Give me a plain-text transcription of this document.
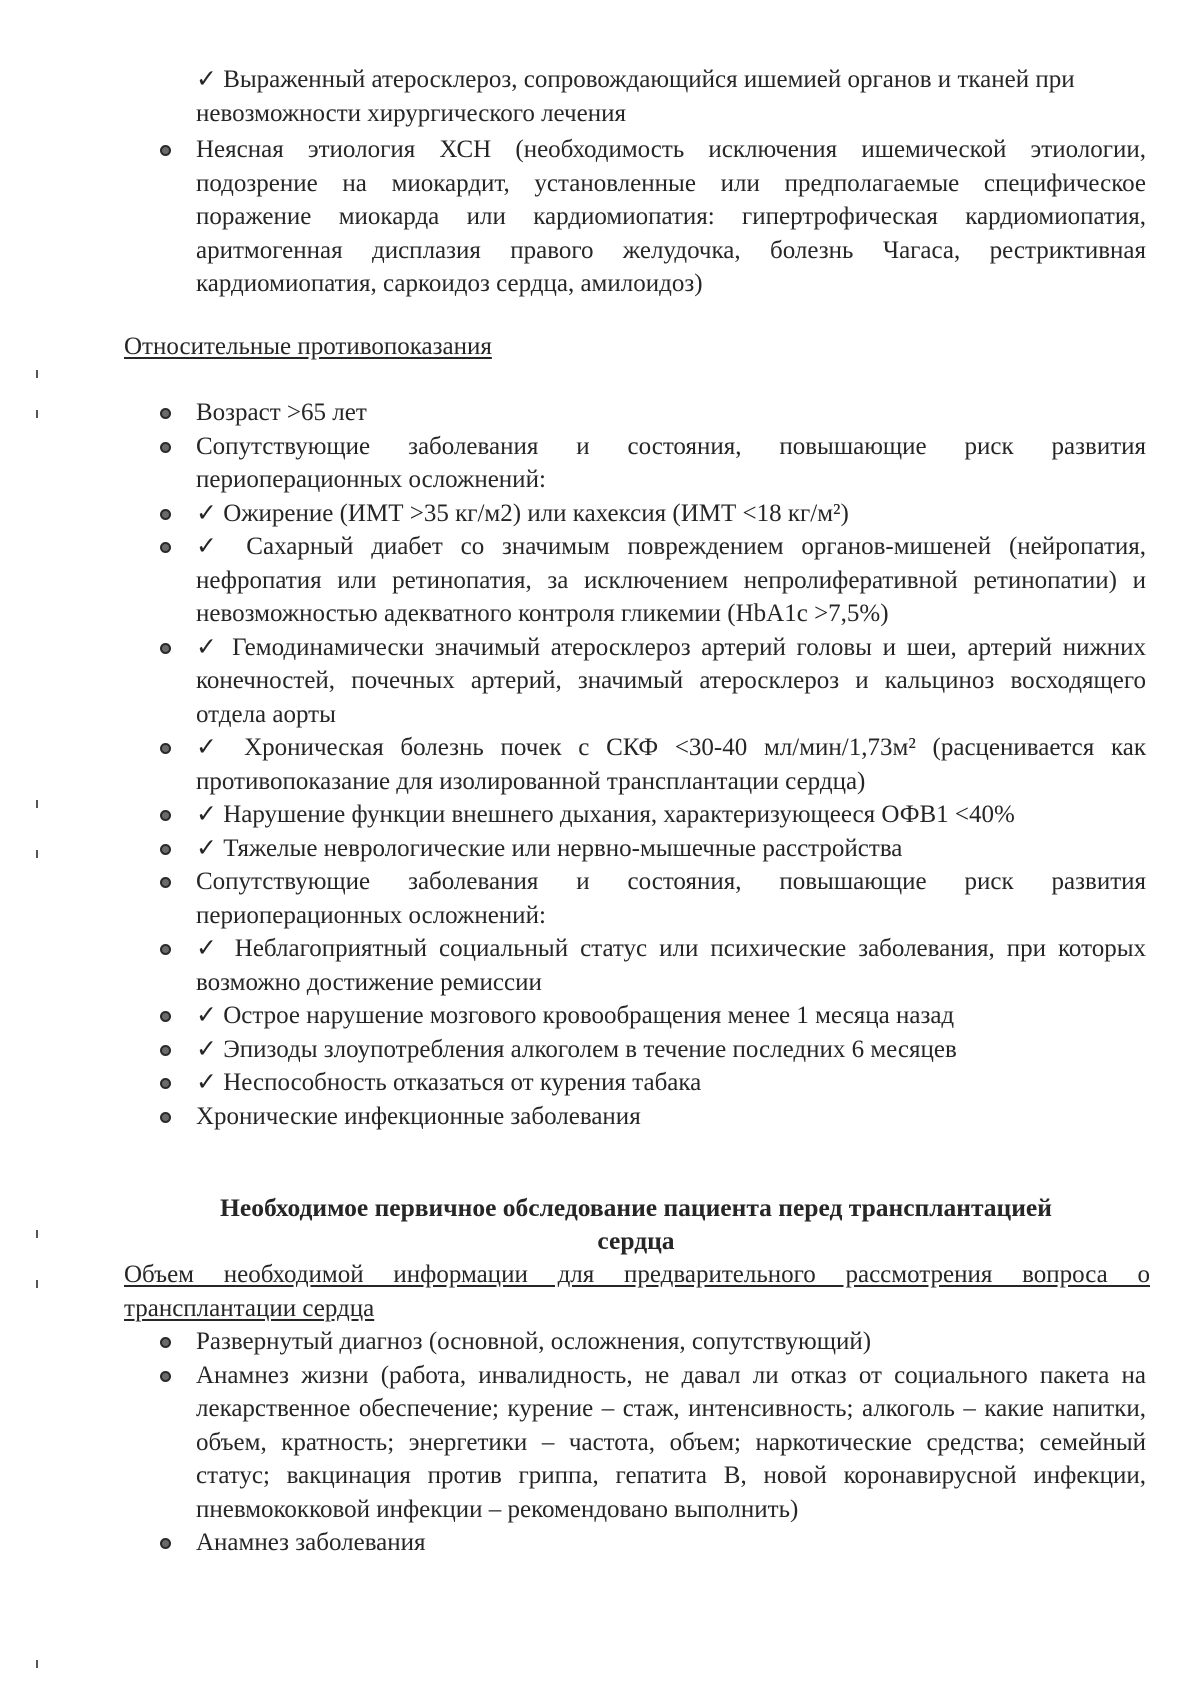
✓ Выраженный атеросклероз, сопровождающийся ишемией органов и тканей при невозможности хирургического лечения
Неясная этиология ХСН (необходимость исключения ишемической этиологии, подозрение на миокардит, установленные или предполагаемые специфическое поражение миокарда или кардиомиопатия: гипертрофическая кардиомиопатия, аритмогенная дисплазия правого желудочка, болезнь Чагаса, рестриктивная кардиомиопатия, саркоидоз сердца, амилоидоз)
Относительные противопоказания
Возраст >65 лет
Сопутствующие заболевания и состояния, повышающие риск развития периоперационных осложнений:
✓ Ожирение (ИМТ >35 кг/м2) или кахексия (ИМТ <18 кг/м²)
✓ Сахарный диабет со значимым повреждением органов-мишеней (нейропатия, нефропатия или ретинопатия, за исключением непролиферативной ретинопатии) и невозможностью адекватного контроля гликемии (HbA1c >7,5%)
✓ Гемодинамически значимый атеросклероз артерий головы и шеи, артерий нижних конечностей, почечных артерий, значимый атеросклероз и кальциноз восходящего отдела аорты
✓ Хроническая болезнь почек с СКФ <30-40 мл/мин/1,73м² (расценивается как противопоказание для изолированной трансплантации сердца)
✓ Нарушение функции внешнего дыхания, характеризующееся ОФВ1 <40%
✓ Тяжелые неврологические или нервно-мышечные расстройства
Сопутствующие заболевания и состояния, повышающие риск развития периоперационных осложнений:
✓ Неблагоприятный социальный статус или психические заболевания, при которых возможно достижение ремиссии
✓ Острое нарушение мозгового кровообращения менее 1 месяца назад
✓ Эпизоды злоупотребления алкоголем в течение последних 6 месяцев
✓ Неспособность отказаться от курения табака
Хронические инфекционные заболевания
Необходимое первичное обследование пациента перед трансплантацией
сердца
Объем необходимой информации для предварительного рассмотрения вопроса о трансплантации сердца
Развернутый диагноз (основной, осложнения, сопутствующий)
Анамнез жизни (работа, инвалидность, не давал ли отказ от социального пакета на лекарственное обеспечение; курение – стаж, интенсивность; алкоголь – какие напитки, объем, кратность; энергетики – частота, объем; наркотические средства; семейный статус; вакцинация против гриппа, гепатита В, новой коронавирусной инфекции, пневмококковой инфекции – рекомендовано выполнить)
Анамнез заболевания
